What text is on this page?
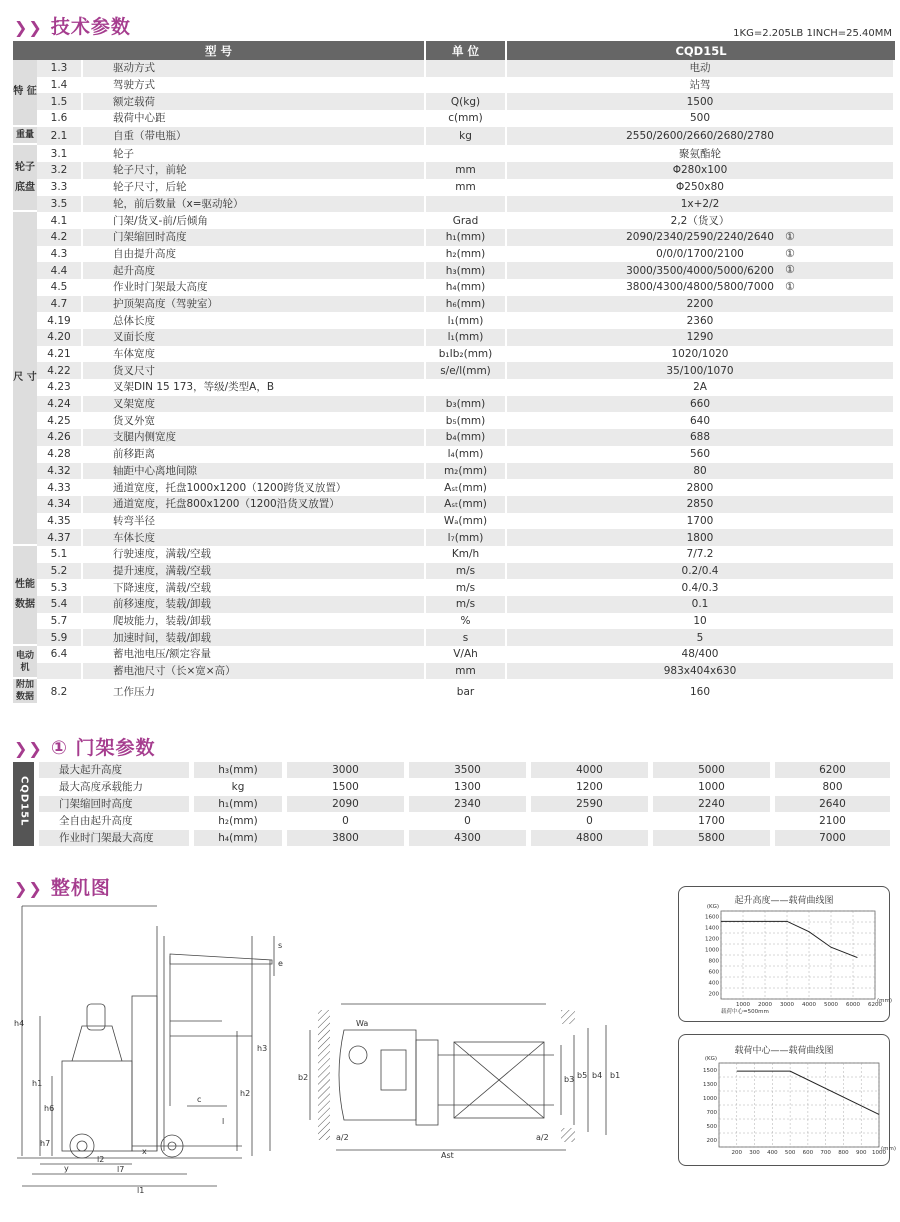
❯❯ 技术参数	1KG=2.205LB 1INCH=25.40MM
型 号			单 位	CQD15L
特 征	1.3	驱动方式		电动
	1.4	驾驶方式		站驾
	1.5	额定载荷	Q(kg)	1500
	1.6	载荷中心距	c(mm)	500
重量	2.1	自重（带电瓶）	kg	2550/2600/2660/2680/2780
轮子底盘	3.1	轮子		聚氨酯轮
	3.2	轮子尺寸，前轮	mm	Φ280x100
	3.3	轮子尺寸，后轮	mm	Φ250x80
	3.5	轮，前后数量（x=驱动轮）		1x+2/2
尺 寸	4.1	门架/货叉-前/后倾角	Grad	2,2（货叉）
	4.2	门架缩回时高度	h₁(mm)	2090/2340/2590/2240/2640 ①

	4.3	自由提升高度	h₂(mm)	0/0/0/1700/2100 ①

	4.4	起升高度	h₃(mm)	3000/3500/4000/5000/6200 ①

	4.5	作业时门架最大高度	h₄(mm)	3800/4300/4800/5800/7000 ①

	4.7	护顶架高度（驾驶室）	h₆(mm)	2200
	4.19	总体长度	l₁(mm)	2360
	4.20	叉面长度	l₁(mm)	1290
	4.21	车体宽度	b₁Ib₂(mm)	1020/1020
	4.22	货叉尺寸	s/e/l(mm)	35/100/1070
	4.23	叉架DIN 15 173，等级/类型A，B		2A
	4.24	叉架宽度	b₃(mm)	660
	4.25	货叉外宽	b₅(mm)	640
	4.26	支腿内侧宽度	b₄(mm)	688
	4.28	前移距离	l₄(mm)	560
	4.32	轴距中心离地间隙	m₂(mm)	80
	4.33	通道宽度，托盘1000x1200（1200跨货叉放置）	Aₛₜ(mm)	2800
	4.34	通道宽度，托盘800x1200（1200沿货叉放置）	Aₛₜ(mm)	2850
	4.35	转弯半径	Wₐ(mm)	1700
	4.37	车体长度	l₇(mm)	1800
性能数据	5.1	行驶速度，满载/空载	Km/h	7/7.2
	5.2	提升速度，满载/空载	m/s	0.2/0.4
	5.3	下降速度，满载/空载	m/s	0.4/0.3
	5.4	前移速度，装载/卸载	m/s	0.1
	5.7	爬坡能力，装载/卸载	%	10
	5.9	加速时间，装载/卸载	s	5
电动机	6.4	蓄电池电压/额定容量	V/Ah	48/400
		蓄电池尺寸（长×宽×高）	mm	983x404x630
附加数据	8.2	工作压力	bar	160
❯❯ ① 门架参数
CQD15L	最大起升高度	h₃(mm)	3000	3500	4000	5000	6200
	最大高度承载能力	kg	1500	1300	1200	1000	800
	门架缩回时高度	h₁(mm)	2090	2340	2590	2240	2640
	全自由起升高度	h₂(mm)	0	0	0	1700	2100
	作业时门架最大高度	h₄(mm)	3800	4300	4800	5800	7000
❯❯ 整机图
h4
h1
h6
h3
h2
c
l2
l7
l1
x
y
s
e
l
h7
Wa
b2	b3 b5 b4 b1
a/2	a/2
Ast
起升高度——载荷曲线图
1600
1400
1200
1000
800
600
400
200
1000 2000 3000 4000 5000 6000 6200
(KG)
(mm)
载荷中心=500mm
载荷中心——载荷曲线图
1500
1300
1000
700
500
200
200 300 400 500 600 700 800 900 1000
(KG)
(mm)
